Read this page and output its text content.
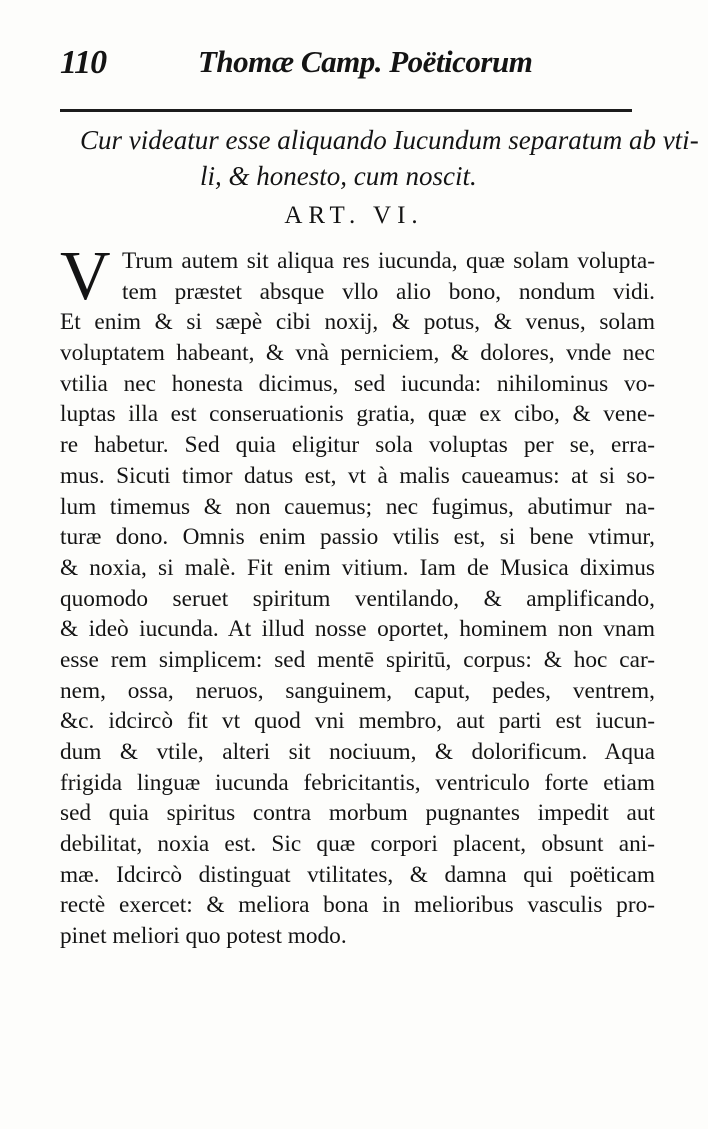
110	Thomæ Camp. Poëticorum
Cur videatur esse aliquando Iucundum separatum ab vti-
li, & honesto, cum noscit.
ART. VI.
V Trum autem sit aliqua res iucunda, quæ solam volupta-
tem præstet absque vllo alio bono, nondum vidi.
Et enim & si sæpè cibi noxij, & potus, & venus, solam
voluptatem habeant, & vnà perniciem, & dolores, vnde nec
vtilia nec honesta dicimus, sed iucunda: nihilominus vo-
luptas illa est conseruationis gratia, quæ ex cibo, & vene-
re habetur. Sed quia eligitur sola voluptas per se, erra-
mus. Sicuti timor datus est, vt à malis caueamus: at si so-
lum timemus & non cauemus; nec fugimus, abutimur na-
turæ dono. Omnis enim passio vtilis est, si bene vtimur,
& noxia, si malè. Fit enim vitium. Iam de Musica diximus
quomodo seruet spiritum ventilando, & amplificando,
& ideò iucunda. At illud nosse oportet, hominem non vnam
esse rem simplicem: sed mentē spiritū, corpus: & hoc car-
nem, ossa, neruos, sanguinem, caput, pedes, ventrem,
&c. idcircò fit vt quod vni membro, aut parti est iucun-
dum & vtile, alteri sit nociuum, & dolorificum. Aqua
frigida linguæ iucunda febricitantis, ventriculo forte etiam
sed quia spiritus contra morbum pugnantes impedit aut
debilitat, noxia est. Sic quæ corpori placent, obsunt ani-
mæ. Idcircò distinguat vtilitates, & damna qui poëticam
rectè exercet: & meliora bona in melioribus vasculis pro-
pinet meliori quo potest modo.
